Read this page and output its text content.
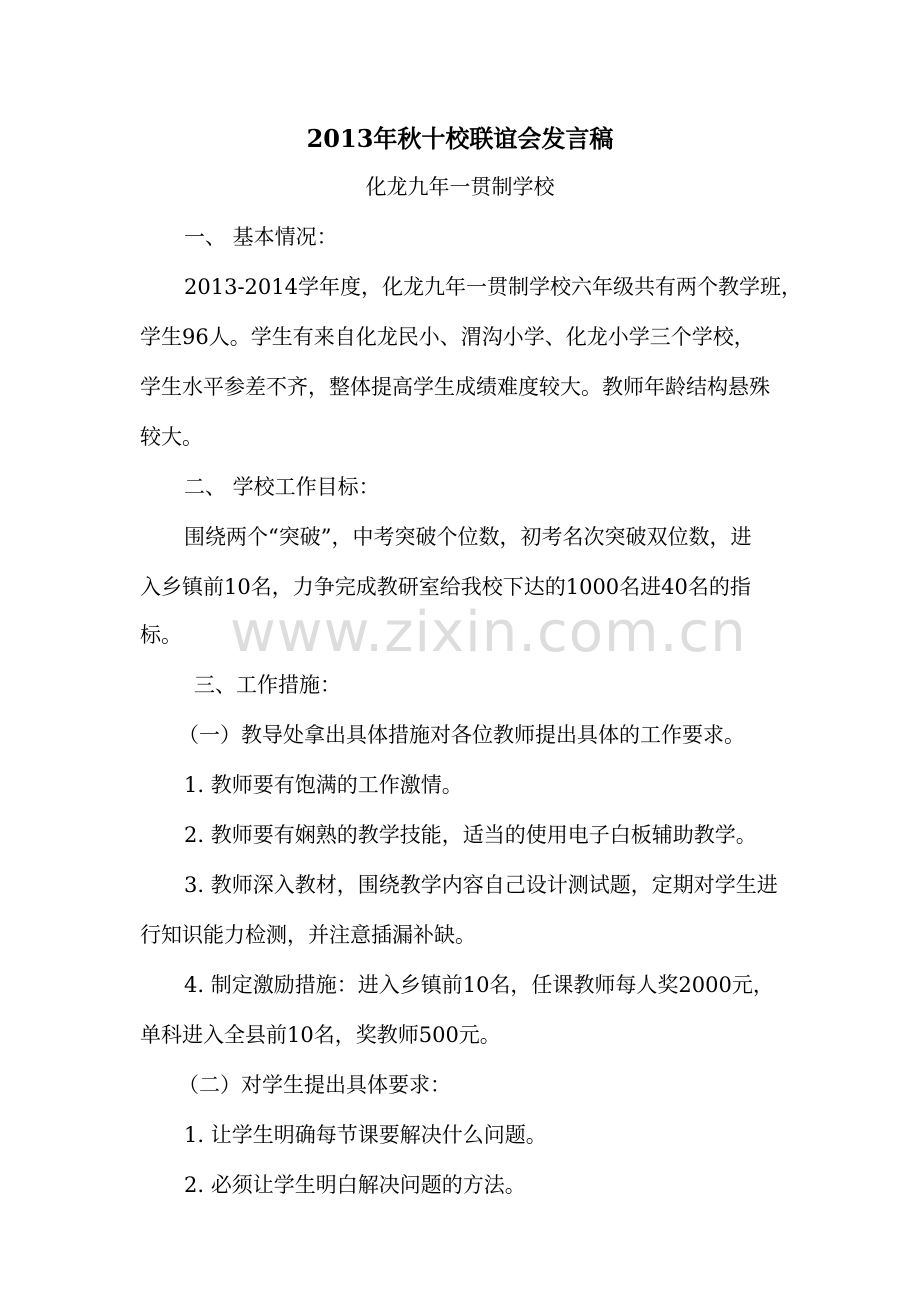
2013年秋十校联谊会发言稿
化龙九年一贯制学校
一、 基本情况：
2013-2014学年度，化龙九年一贯制学校六年级共有两个教学班，
学生96人。学生有来自化龙民小、渭沟小学、化龙小学三个学校，
学生水平参差不齐，整体提高学生成绩难度较大。教师年龄结构悬殊
较大。
二、 学校工作目标：
围绕两个“突破”，中考突破个位数，初考名次突破双位数，进
入乡镇前10名，力争完成教研室给我校下达的1000名进40名的指
标。
三、工作措施：
（一）教导处拿出具体措施对各位教师提出具体的工作要求。
1. 教师要有饱满的工作激情。
2. 教师要有娴熟的教学技能，适当的使用电子白板辅助教学。
3. 教师深入教材，围绕教学内容自己设计测试题，定期对学生进
行知识能力检测，并注意插漏补缺。
4. 制定激励措施：进入乡镇前10名，任课教师每人奖2000元，
单科进入全县前10名，奖教师500元。
（二）对学生提出具体要求：
1. 让学生明确每节课要解决什么问题。
2. 必须让学生明白解决问题的方法。
www.zixin.com.cn
